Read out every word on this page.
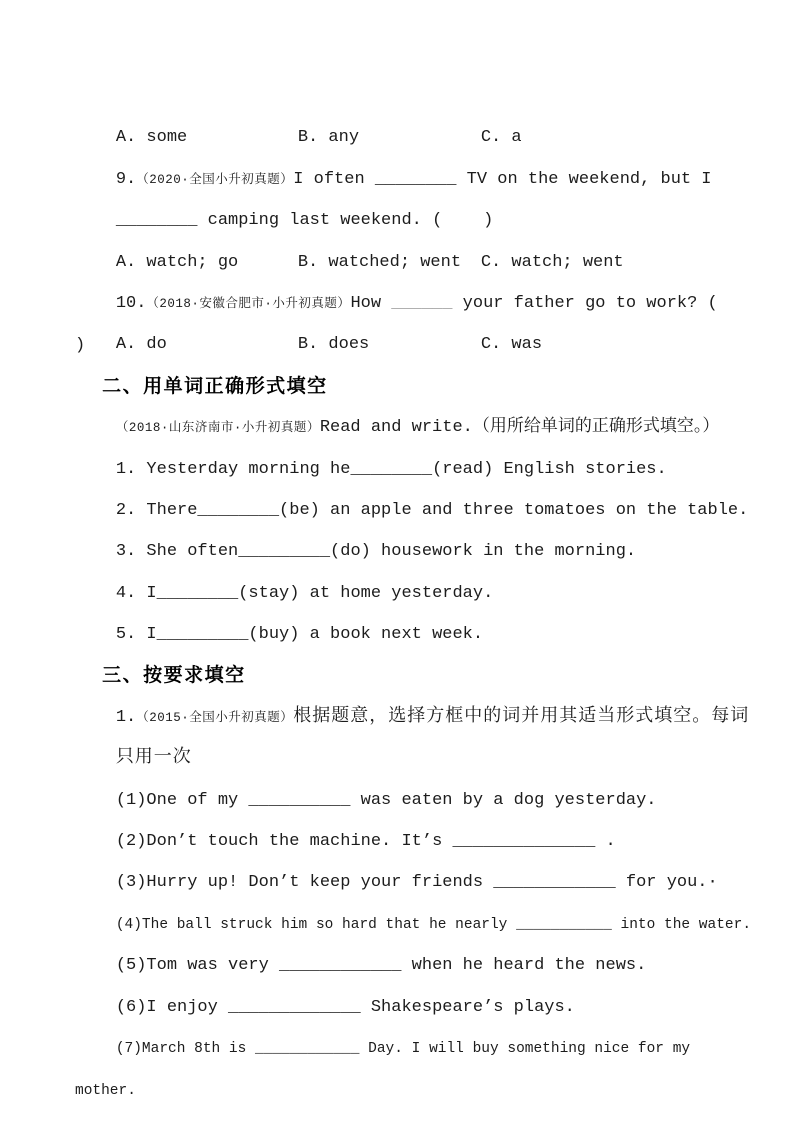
A. some	B. any	C. a

9.（2020·全国小升初真题）I often ________ TV on the weekend, but I

________ camping last weekend. (    )

A. watch; go	B. watched; went C. watch; went

10.（2018·安徽合肥市·小升初真题）How ______ your father go to work? (      )
	A. do	B. does	C. was

二、用单词正确形式填空

（2018·山东济南市·小升初真题）Read and write.（用所给单词的正确形式填空。）

1. Yesterday morning he________(read) English stories.

2. There________(be) an apple and three tomatoes on the table.

3. She often_________(do) housework in the morning.

4. I________(stay) at home yesterday.

5. I_________(buy) a book next week.

三、按要求填空

1.（2015·全国小升初真题）根据题意，选择方框中的词并用其适当形式填空。每词

只用一次

(1)One of my __________ was eaten by a dog yesterday.

(2)Don’t touch the machine. It’s ______________ .

(3)Hurry up! Don’t keep your friends ____________ for you.·

(4)The ball struck him so hard that he nearly ___________ into the water.

(5)Tom was very ____________ when he heard the news.

(6)I enjoy _____________ Shakespeare’s plays.

(7)March 8th is ____________ Day. I will buy something nice for my mother.
